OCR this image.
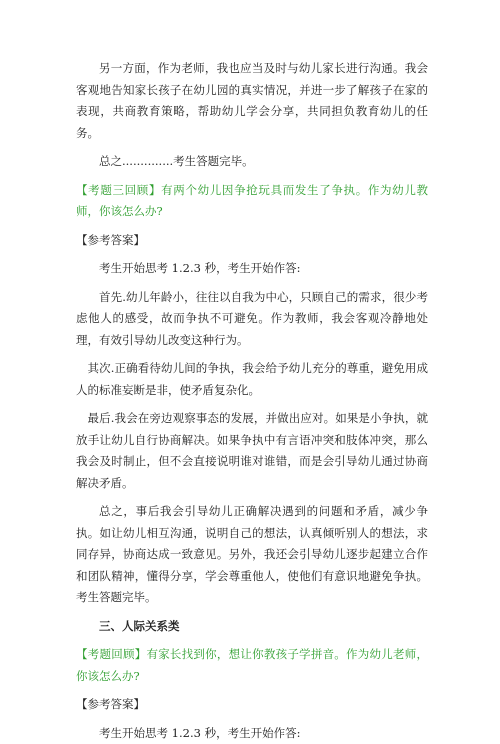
另一方面，作为老师，我也应当及时与幼儿家长进行沟通。我会客观地告知家长孩子在幼儿园的真实情况，并进一步了解孩子在家的表现，共商教育策略，帮助幼儿学会分享，共同担负教育幼儿的任务。

总之..............考生答题完毕。

【考题三回顾】有两个幼儿因争抢玩具而发生了争执。作为幼儿教师，你该怎么办?

【参考答案】

考生开始思考 1.2.3 秒，考生开始作答:

首先.幼儿年龄小，往往以自我为中心，只顾自己的需求，很少考虑他人的感受，故而争执不可避免。作为教师，我会客观冷静地处理，有效引导幼儿改变这种行为。

其次.正确看待幼儿间的争执，我会给予幼儿充分的尊重，避免用成人的标准妄断是非，使矛盾复杂化。

最后.我会在旁边观察事态的发展，并做出应对。如果是小争执，就放手让幼儿自行协商解决。如果争执中有言语冲突和肢体冲突，那么我会及时制止，但不会直接说明谁对谁错，而是会引导幼儿通过协商解决矛盾。

总之，事后我会引导幼儿正确解决遇到的问题和矛盾，减少争执。如让幼儿相互沟通，说明自己的想法，认真倾听别人的想法，求同存异，协商达成一致意见。另外，我还会引导幼儿逐步起建立合作和团队精神，懂得分享，学会尊重他人，使他们有意识地避免争执。考生答题完毕。

三、人际关系类

【考题回顾】有家长找到你，想让你教孩子学拼音。作为幼儿老师，你该怎么办?

【参考答案】

考生开始思考 1.2.3 秒，考生开始作答:
